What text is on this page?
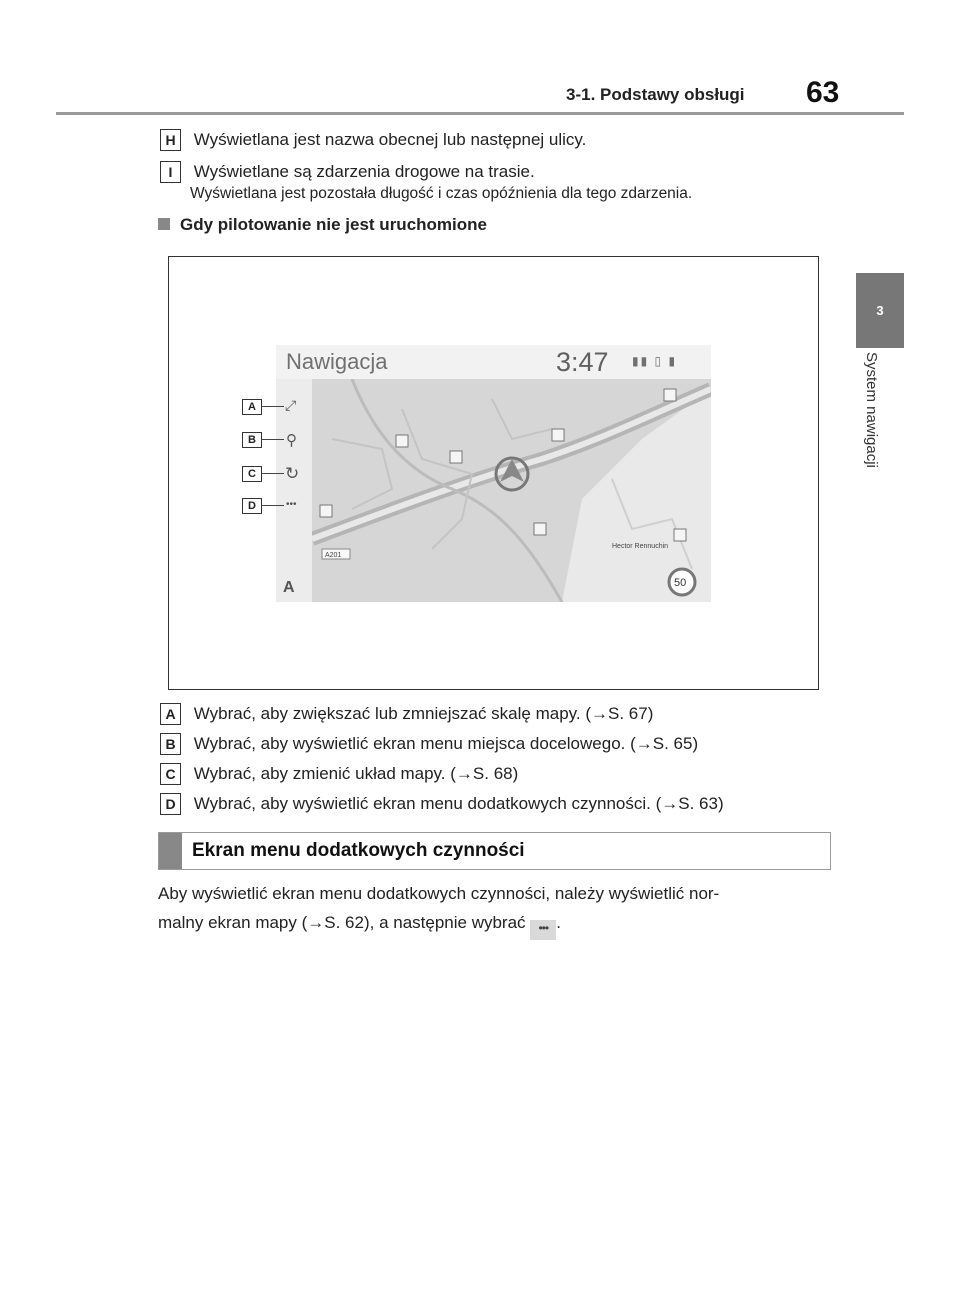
3-1. Podstawy obsługi 63
3
System nawigacji
H Wyświetlana jest nazwa obecnej lub następnej ulicy.
I Wyświetlane są zdarzenia drogowe na trasie.
Wyświetlana jest pozostała długość i czas opóźnienia dla tego zdarzenia.
Gdy pilotowanie nie jest uruchomione
Nawigacja	3:47 ▮▮ ▯ ▮
⤢
⚲
↻
•••
A
A201
Hector Rennuchin
50
A
B
C
D
A Wybrać, aby zwiększać lub zmniejszać skalę mapy. (→S. 67)
B Wybrać, aby wyświetlić ekran menu miejsca docelowego. (→S. 65)
C Wybrać, aby zmienić układ mapy. (→S. 68)
D Wybrać, aby wyświetlić ekran menu dodatkowych czynności. (→S. 63)
Ekran menu dodatkowych czynności
Aby wyświetlić ekran menu dodatkowych czynności, należy wyświetlić nor-
malny ekran mapy (→S. 62), a następnie wybrać ••• .
